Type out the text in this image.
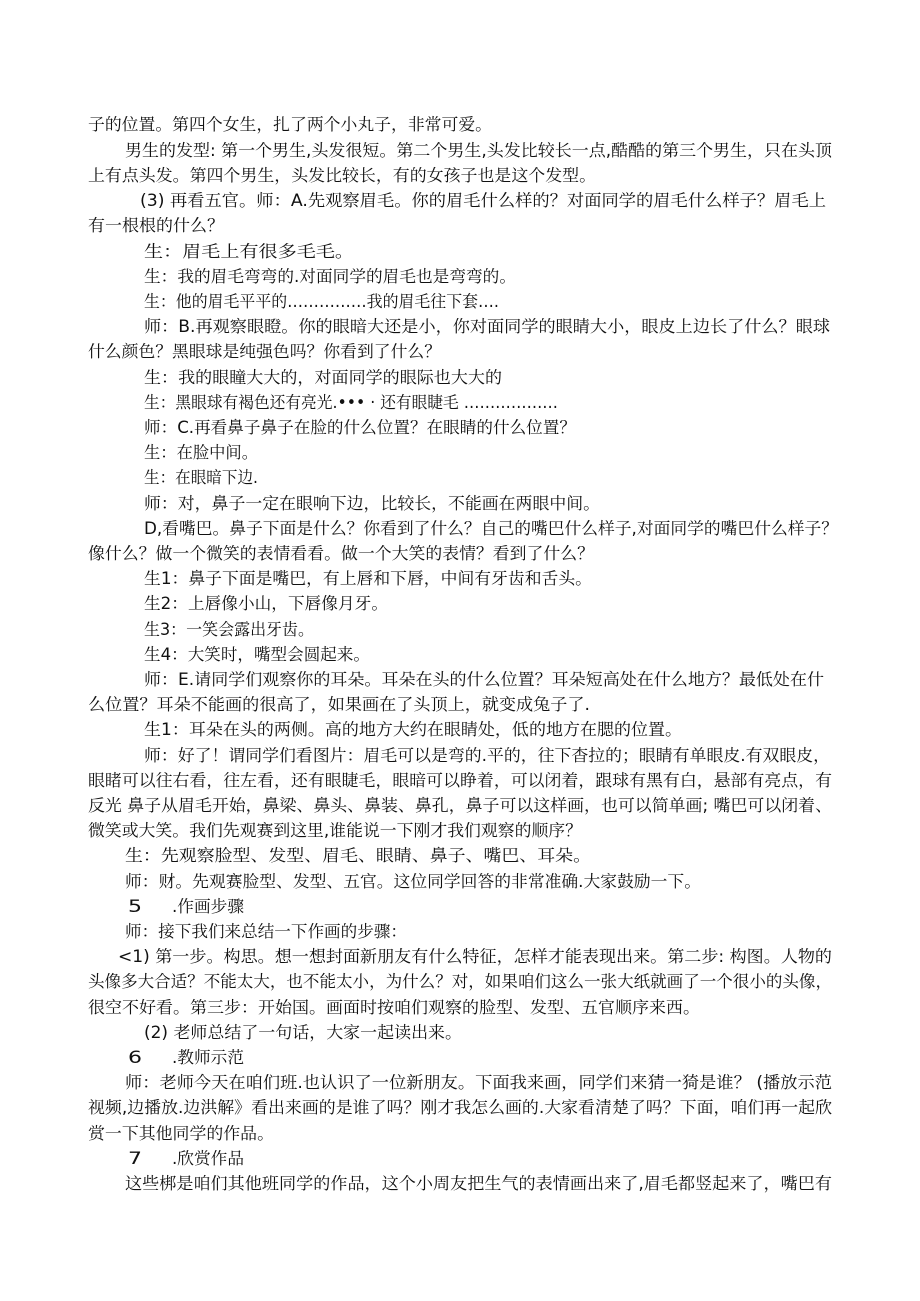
子的位置。第四个女生，扎了两个小丸子，非常可爱。
男生的发型: 第一个男生,头发很短。第二个男生,头发比较长一点,酷酷的第三个男生，只在头顶
上有点头发。第四个男生，头发比较长，有的女孩子也是这个发型。
(3) 再看五官。师：A.先观察眉毛。你的眉毛什么样的？对面同学的眉毛什么样子？眉毛上
有一根根的什么？
生：眉毛上有很多毛毛。
生：我的眉毛弯弯的.对面同学的眉毛也是弯弯的。
生：他的眉毛平平的……………我的眉毛往下套….
师：B.再观察眼瞪。你的眼暗大还是小，你对面同学的眼睛大小，眼皮上边长了什么？眼球
什么颜色？黑眼球是纯强色吗？你看到了什么？
生：我的眼瞳大大的，对面同学的眼际也大大的
生：黑眼球有褐色还有亮光.••• · 还有眼睫毛 ………………
师：C.再看鼻子鼻子在脸的什么位置？在眼睛的什么位置？
生：在脸中间。
生：在眼暗下边.
师：对，鼻子一定在眼响下边，比较长，不能画在两眼中间。
D,看嘴巴。鼻子下面是什么？你看到了什么？自己的嘴巴什么样子,对面同学的嘴巴什么样子？
像什么？做一个微笑的表情看看。做一个大笑的表情？看到了什么？
生1：鼻子下面是嘴巴，有上唇和下唇，中间有牙齿和舌头。
生2：上唇像小山，下唇像月牙。
生3：一笑会露出牙齿。
生4：大笑时，嘴型会圆起来。
师：E.请同学们观察你的耳朵。耳朵在头的什么位置？耳朵短高处在什么地方？最低处在什
么位置？耳朵不能画的很高了，如果画在了头顶上，就变成兔子了.
生1：耳朵在头的两侧。高的地方大约在眼睛处，低的地方在腮的位置。
师：好了！谓同学们看图片：眉毛可以是弯的.平的，往下杳拉的；眼睛有单眼皮.有双眼皮，
眼睹可以往右看，往左看，还有眼睫毛，眼暗可以睁着，可以闭着，跟球有黑有白，悬部有亮点，有
反光 鼻子从眉毛开始，鼻梁、鼻头、鼻装、鼻孔，鼻子可以这样画，也可以简单画; 嘴巴可以闭着、
微笑或大笑。我们先观赛到这里,谁能说一下刚才我们观察的顺序？
生：先观察脸型、发型、眉毛、眼睛、鼻子、嘴巴、耳朵。
师：财。先观赛脸型、发型、五官。这位同学回答的非常准确.大家鼓励一下。
5 .作画步骤
师：接下我们来总结一下作画的步骤：
<1) 第一步。构思。想一想封面新朋友有什么特征，怎样才能表现出来。第二步: 构图。人物的
头像多大合适？不能太大，也不能太小，为什么？对，如果咱们这么一张大纸就画了一个很小的头像，
很空不好看。第三步：开始国。画面时按咱们观察的脸型、发型、五官顺序来西。
(2) 老师总结了一句话，大家一起读出来。
6 .教师示范
师：老师今天在咱们班.也认识了一位新朋友。下面我来画，同学们来猜一猗是谁？ (播放示范
视频,边播放.边洪解》看出来画的是谁了吗？刚才我怎么画的.大家看清楚了吗？下面，咱们再一起欣
赏一下其他同学的作品。
7 .欣赏作品
这些梆是咱们其他班同学的作品，这个小周友把生气的表情画出来了,眉毛都竖起来了，嘴巴有
